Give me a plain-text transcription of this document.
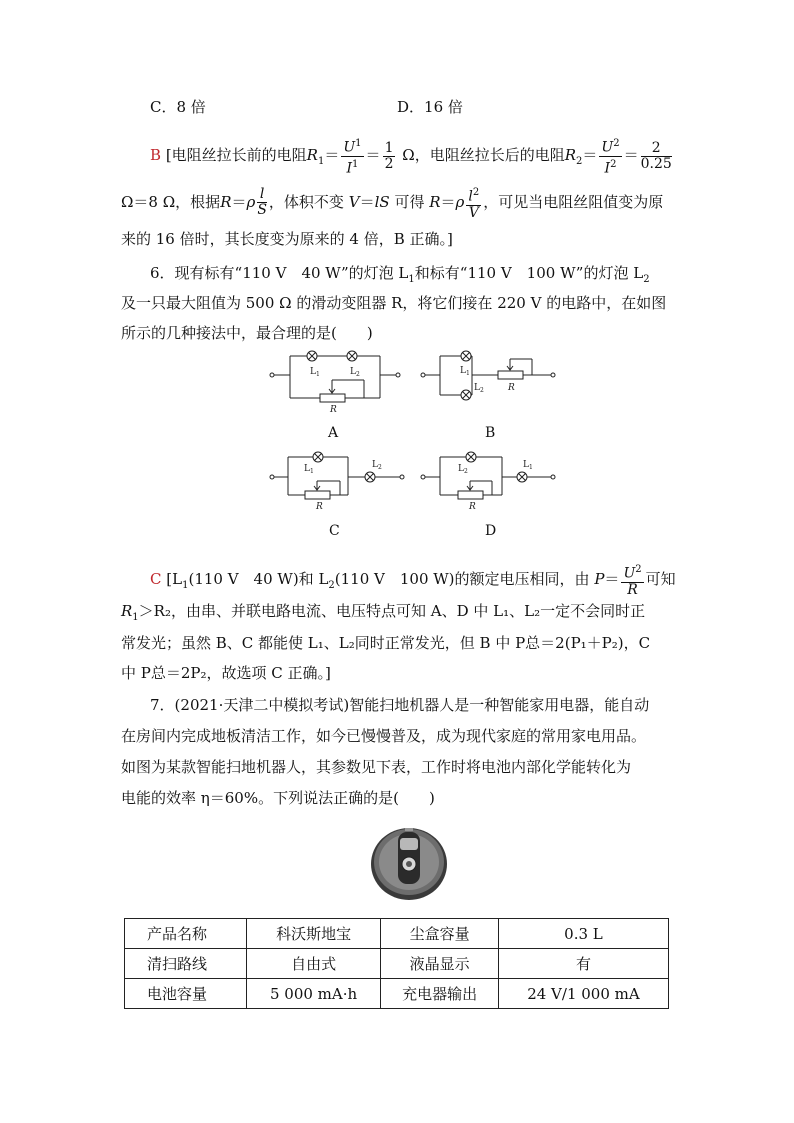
C．8 倍	D．16 倍
B [电阻丝拉长前的电阻$R_1= \frac{U^1}{I^1} = \frac{1}{2}$ Ω，电阻丝拉长后的电阻$R_2= \frac{U^2}{I^2} = \frac{2}{0.25}$
Ω＝8 Ω，根据$R=\rho \frac{l}{S}$ ，体积不变 V＝lS 可得 $R=\rho \frac{l^2}{V}$ ，可见当电阻丝阻值变为原
来的 16 倍时，其长度变为原来的 4 倍，B 正确。]
6．现有标有“110 V　40 W”的灯泡 $L_1$和标有“110 V　100 W”的灯泡 $L_2$
及一只最大阻值为 500 Ω 的滑动变阻器 R，将它们接在 220 V 的电路中，在如图
所示的几种接法中，最合理的是(　　)
L 1	L 2
R
L 1
L 2	R
L 1
L 2
R
L 2
L 1
R
A	B
C	D
C [$L_1(110$ V　40 W)和 $L_2(110$ V　100 W)的额定电压相同，由 $P= \frac{U^2}{R}$ 可知
$R_1>R_2$，由串、并联电路电流、电压特点可知 A、D 中 L₁、L₂一定不会同时正
常发光；虽然 B、C 都能使 L₁、L₂同时正常发光，但 B 中 P总＝2(P₁＋P₂)，C
中 P总＝2P₂，故选项 C 正确。]
7．(2021·天津二中模拟考试)智能扫地机器人是一种智能家用电器，能自动
在房间内完成地板清洁工作，如今已慢慢普及，成为现代家庭的常用家电用品。
如图为某款智能扫地机器人，其参数见下表，工作时将电池内部化学能转化为
电能的效率 η＝60%。下列说法正确的是(　　)
产品名称	科沃斯地宝	尘盒容量	0.3 L
清扫路线	自由式	液晶显示	有
电池容量	5 000 mA·h	充电器输出	24 V/1 000 mA
